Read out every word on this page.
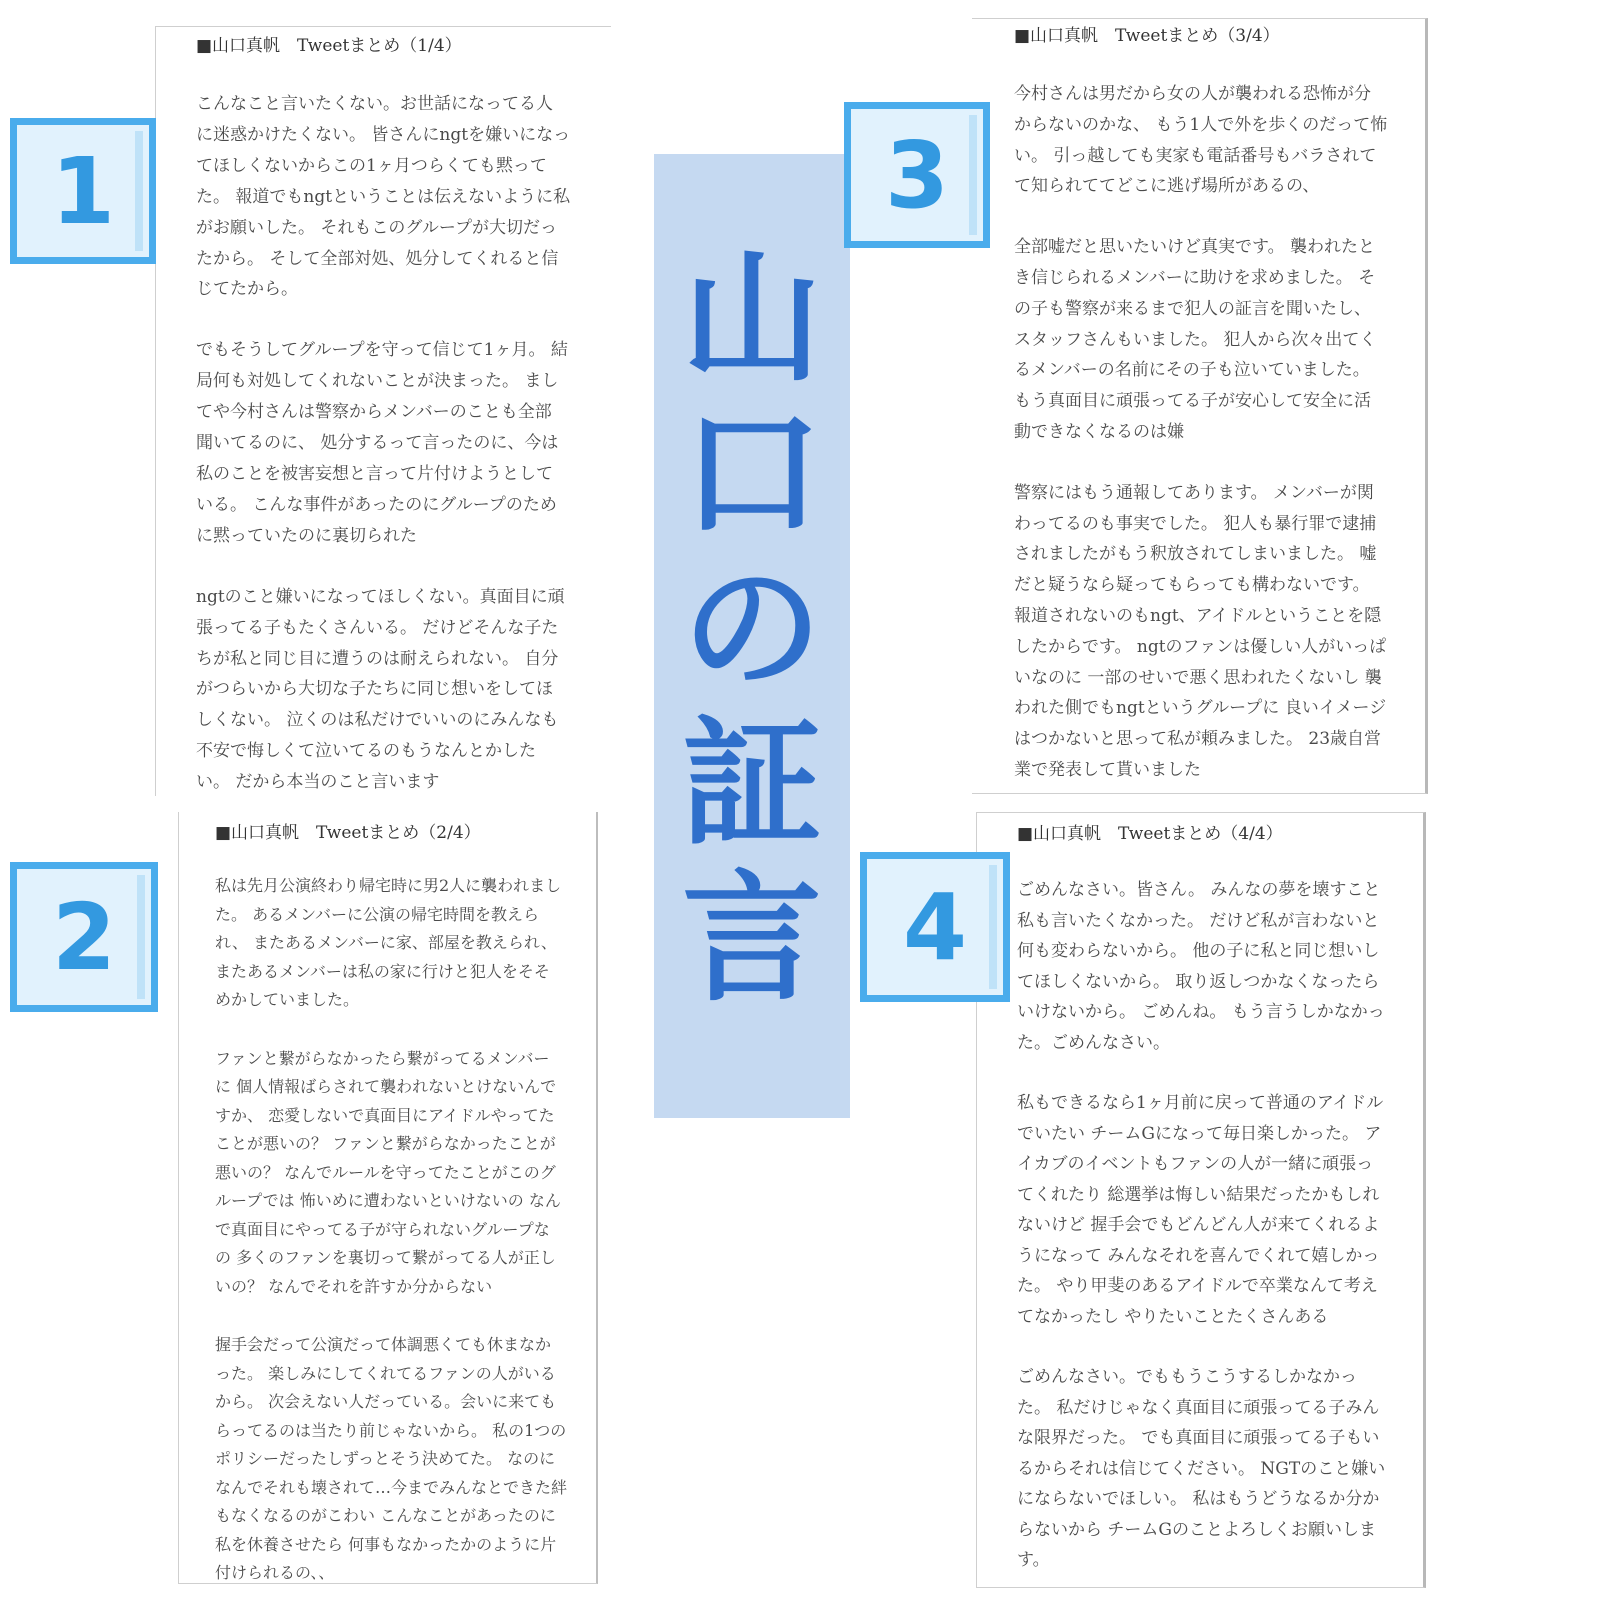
■山口真帆　Tweetまとめ（1/4）

こんなこと言いたくない。お世話になってる人
に迷惑かけたくない。 皆さんにngtを嫌いになっ
てほしくないからこの1ヶ月つらくても黙って
た。 報道でもngtということは伝えないように私
がお願いした。 それもこのグループが大切だっ
たから。 そして全部対処、処分してくれると信
じてたから。

でもそうしてグループを守って信じて1ヶ月。 結
局何も対処してくれないことが決まった。 まし
てや今村さんは警察からメンバーのことも全部
聞いてるのに、 処分するって言ったのに、今は
私のことを被害妄想と言って片付けようとして
いる。 こんな事件があったのにグループのため
に黙っていたのに裏切られた

ngtのこと嫌いになってほしくない。真面目に頑
張ってる子もたくさんいる。 だけどそんな子た
ちが私と同じ目に遭うのは耐えられない。 自分
がつらいから大切な子たちに同じ想いをしてほ
しくない。 泣くのは私だけでいいのにみんなも
不安で悔しくて泣いてるのもうなんとかした
い。 だから本当のこと言います

■山口真帆　Tweetまとめ（2/4）

私は先月公演終わり帰宅時に男2人に襲われまし
た。 あるメンバーに公演の帰宅時間を教えら
れ、 またあるメンバーに家、部屋を教えられ、
またあるメンバーは私の家に行けと犯人をそそ
めかしていました。

ファンと繋がらなかったら繋がってるメンバー
に 個人情報ばらされて襲われないとけないんで
すか、 恋愛しないで真面目にアイドルやってた
ことが悪いの？ ファンと繋がらなかったことが
悪いの？ なんでルールを守ってたことがこのグ
ループでは 怖いめに遭わないといけないの なん
で真面目にやってる子が守られないグループな
の 多くのファンを裏切って繋がってる人が正し
いの？ なんでそれを許すか分からない

握手会だって公演だって体調悪くても休まなか
った。 楽しみにしてくれてるファンの人がいる
から。 次会えない人だっている。会いに来ても
らってるのは当たり前じゃないから。 私の1つの
ポリシーだったしずっとそう決めてた。 なのに
なんでそれも壊されて…今までみんなとできた絆
もなくなるのがこわい こんなことがあったのに
私を休養させたら 何事もなかったかのように片
付けられるの、、

■山口真帆　Tweetまとめ（3/4）

今村さんは男だから女の人が襲われる恐怖が分
からないのかな、 もう1人で外を歩くのだって怖
い。 引っ越しても実家も電話番号もバラされて
て知られててどこに逃げ場所があるの、

全部嘘だと思いたいけど真実です。 襲われたと
き信じられるメンバーに助けを求めました。 そ
の子も警察が来るまで犯人の証言を聞いたし、
スタッフさんもいました。 犯人から次々出てく
るメンバーの名前にその子も泣いていました。
もう真面目に頑張ってる子が安心して安全に活
動できなくなるのは嫌

警察にはもう通報してあります。 メンバーが関
わってるのも事実でした。 犯人も暴行罪で逮捕
されましたがもう釈放されてしまいました。 嘘
だと疑うなら疑ってもらっても構わないです。
報道されないのもngt、アイドルということを隠
したからです。 ngtのファンは優しい人がいっぱ
いなのに 一部のせいで悪く思われたくないし 襲
われた側でもngtというグループに 良いイメージ
はつかないと思って私が頼みました。 23歳自営
業で発表して貰いました

■山口真帆　Tweetまとめ（4/4）

ごめんなさい。皆さん。 みんなの夢を壊すこと
私も言いたくなかった。 だけど私が言わないと
何も変わらないから。 他の子に私と同じ想いし
てほしくないから。 取り返しつかなくなったら
いけないから。 ごめんね。 もう言うしかなかっ
た。ごめんなさい。

私もできるなら1ヶ月前に戻って普通のアイドル
でいたい チームGになって毎日楽しかった。 ア
イカブのイベントもファンの人が一緒に頑張っ
てくれたり 総選挙は悔しい結果だったかもしれ
ないけど 握手会でもどんどん人が来てくれるよ
うになって みんなそれを喜んでくれて嬉しかっ
た。 やり甲斐のあるアイドルで卒業なんて考え
てなかったし やりたいことたくさんある

ごめんなさい。でももうこうするしかなかっ
た。 私だけじゃなく真面目に頑張ってる子みん
な限界だった。 でも真面目に頑張ってる子もい
るからそれは信じてください。 NGTのこと嫌い
にならないでほしい。 私はもうどうなるか分か
らないから チームGのことよろしくお願いしま
す。

山
口
の
証
言
1
2
3
4
